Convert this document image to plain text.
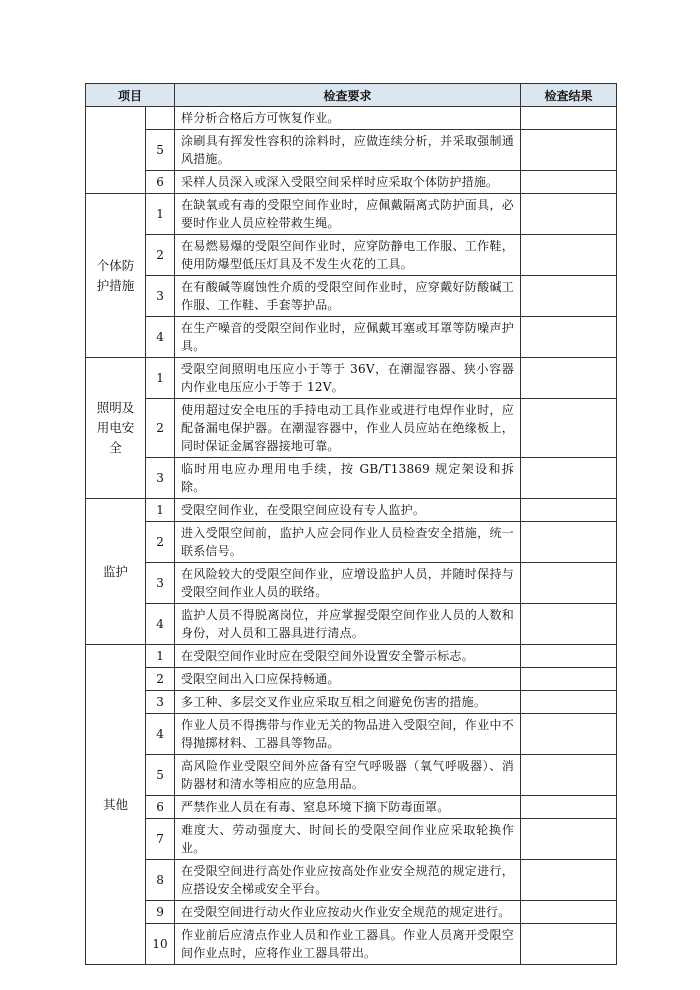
项目		检查要求	检查结果
		样分析合格后方可恢复作业。	
	5	涂刷具有挥发性容积的涂料时，应做连续分析，并采取强制通风措施。	
	6	采样人员深入或深入受限空间采样时应采取个体防护措施。	
个体防护措施	1	在缺氧或有毒的受限空间作业时，应佩戴隔离式防护面具，必要时作业人员应栓带救生绳。	
	2	在易燃易爆的受限空间作业时，应穿防静电工作服、工作鞋，使用防爆型低压灯具及不发生火花的工具。	
	3	在有酸碱等腐蚀性介质的受限空间作业时，应穿戴好防酸碱工作服、工作鞋、手套等护品。	
	4	在生产噪音的受限空间作业时，应佩戴耳塞或耳罩等防噪声护具。	
照明及用电安全	1	受限空间照明电压应小于等于 36V，在潮湿容器、狭小容器内作业电压应小于等于 12V。	
	2	使用超过安全电压的手持电动工具作业或进行电焊作业时，应配备漏电保护器。在潮湿容器中，作业人员应站在绝缘板上，同时保证金属容器接地可靠。	
	3	临时用电应办理用电手续，按 GB/T13869 规定架设和拆除。	
监护	1	受限空间作业，在受限空间应设有专人监护。	
	2	进入受限空间前，监护人应会同作业人员检查安全措施，统一联系信号。	
	3	在风险较大的受限空间作业，应增设监护人员，并随时保持与受限空间作业人员的联络。	
	4	监护人员不得脱离岗位，并应掌握受限空间作业人员的人数和身份，对人员和工器具进行清点。	
其他	1	在受限空间作业时应在受限空间外设置安全警示标志。	
	2	受限空间出入口应保持畅通。	
	3	多工种、多层交叉作业应采取互相之间避免伤害的措施。	
	4	作业人员不得携带与作业无关的物品进入受限空间，作业中不得抛掷材料、工器具等物品。	
	5	高风险作业受限空间外应备有空气呼吸器（氧气呼吸器）、消防器材和清水等相应的应急用品。	
	6	严禁作业人员在有毒、窒息环境下摘下防毒面罩。	
	7	难度大、劳动强度大、时间长的受限空间作业应采取轮换作业。	
	8	在受限空间进行高处作业应按高处作业安全规范的规定进行，应搭设安全梯或安全平台。	
	9	在受限空间进行动火作业应按动火作业安全规范的规定进行。	
	10	作业前后应清点作业人员和作业工器具。作业人员离开受限空间作业点时，应将作业工器具带出。	
